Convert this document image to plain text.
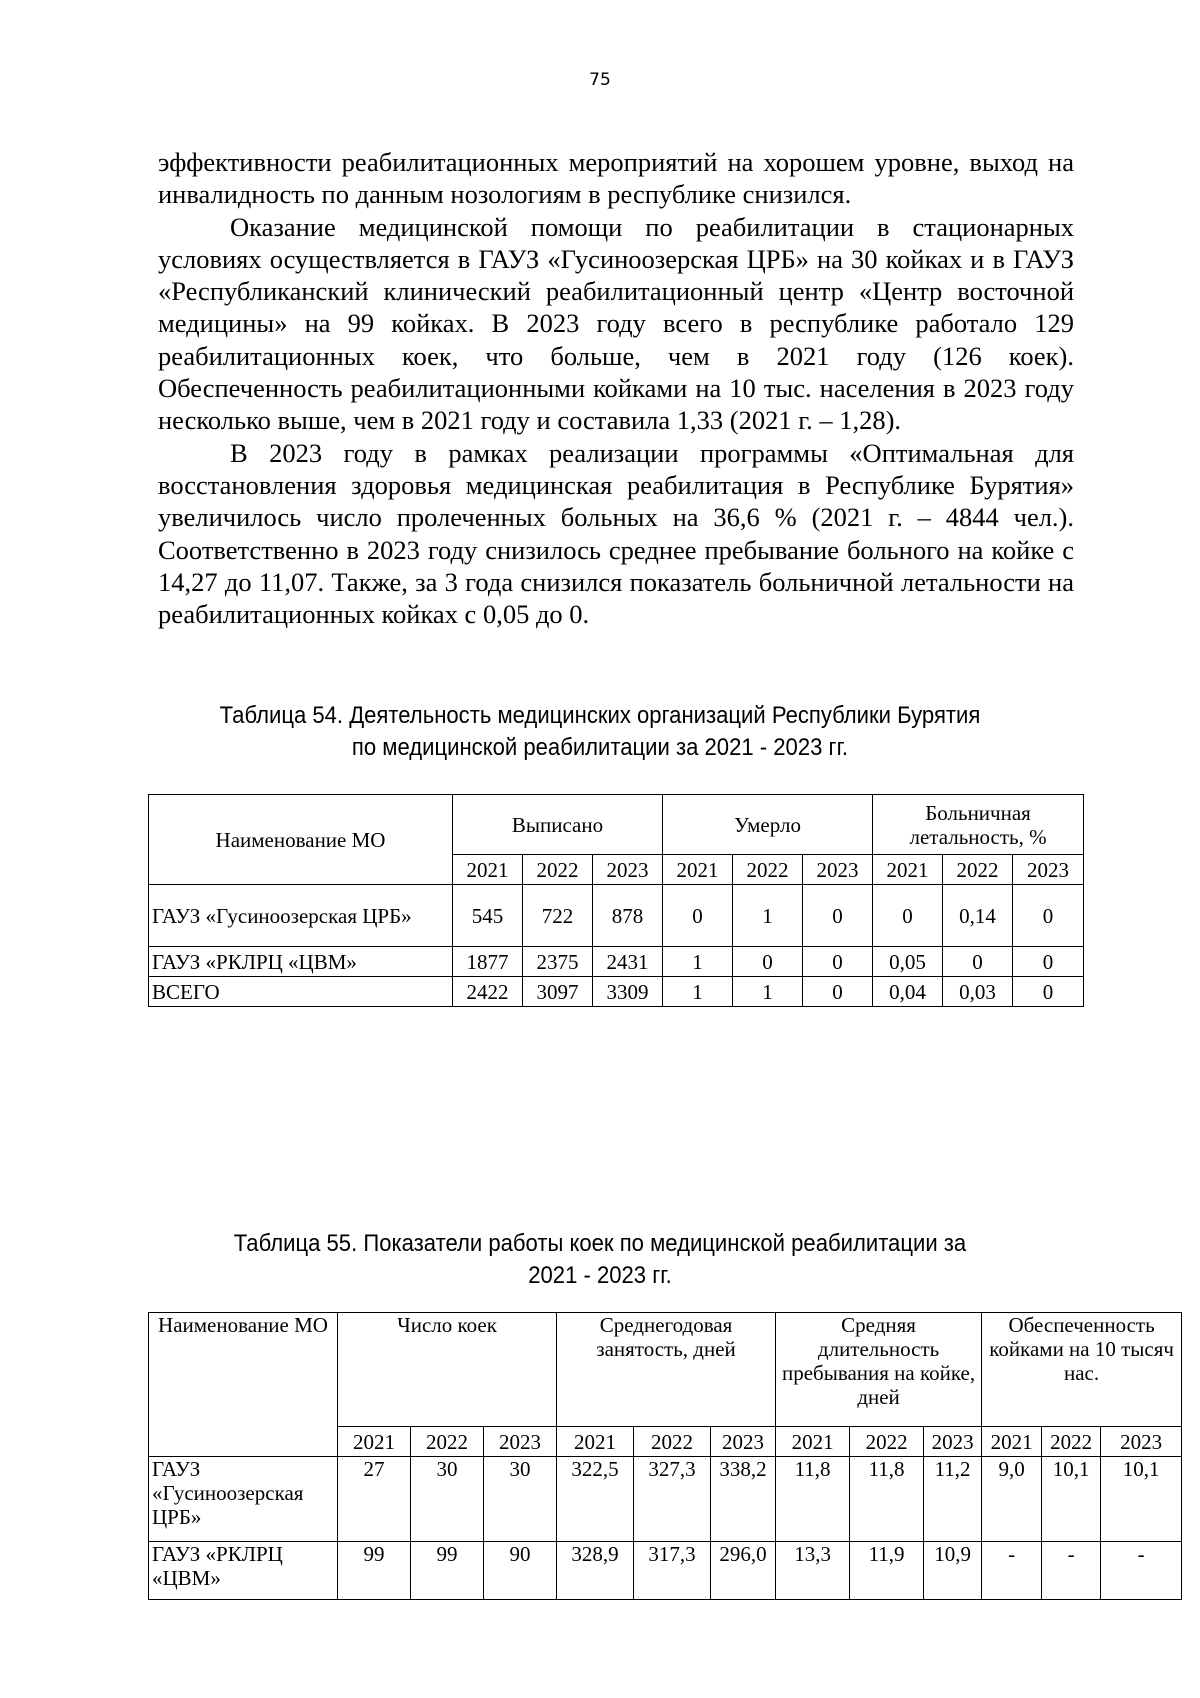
75

эффективности реабилитационных мероприятий на хорошем уровне, выход на инвалидность по данным нозологиям в республике снизился.

Оказание медицинской помощи по реабилитации в стационарных условиях осуществляется в ГАУЗ «Гусиноозерская ЦРБ» на 30 койках и в ГАУЗ «Республиканский клинический реабилитационный центр «Центр восточной медицины» на 99 койках. В 2023 году всего в республике работало 129 реабилитационных коек, что больше, чем в 2021 году (126 коек). Обеспеченность реабилитационными койками на 10 тыс. населения в 2023 году несколько выше, чем в 2021 году и составила 1,33 (2021 г. – 1,28).

В 2023 году в рамках реализации программы «Оптимальная для восстановления здоровья медицинская реабилитация в Республике Бурятия» увеличилось число пролеченных больных на 36,6 % (2021 г. – 4844 чел.). Соответственно в 2023 году снизилось среднее пребывание больного на койке с 14,27 до 11,07. Также, за 3 года снизился показатель больничной летальности на реабилитационных койках с 0,05 до 0.

Таблица 54. Деятельность медицинских организаций Республики Бурятия
по медицинской реабилитации за 2021 - 2023 гг.
Наименование МО	Выписано			Умерло			Больничная
летальность, %		

	2021	2022	2023	2021	2022	2023	2021	2022	2023
ГАУЗ «Гусиноозерская ЦРБ»	545	722	878	0	1	0	0	0,14	0
ГАУЗ «РКЛРЦ «ЦВМ»	1877	2375	2431	1	0	0	0,05	0	0
ВСЕГО	2422	3097	3309	1	1	0	0,04	0,03	0
Таблица 55. Показатели работы коек по медицинской реабилитации за
2021 - 2023 гг.
Наименование МО	Число коек			Среднегодовая занятость, дней			Средняя длительность пребывания на койке, дней			Обеспеченность койками на 10 тысяч нас.		
	2021	2022	2023	2021	2022	2023	2021	2022	2023	2021	2022	2023
ГАУЗ «Гусиноозерская ЦРБ»	27	30	30	322,5	327,3	338,2	11,8	11,8	11,2	9,0	10,1	10,1
ГАУЗ «РКЛРЦ «ЦВМ»	99	99	90	328,9	317,3	296,0	13,3	11,9	10,9	-	-	-
